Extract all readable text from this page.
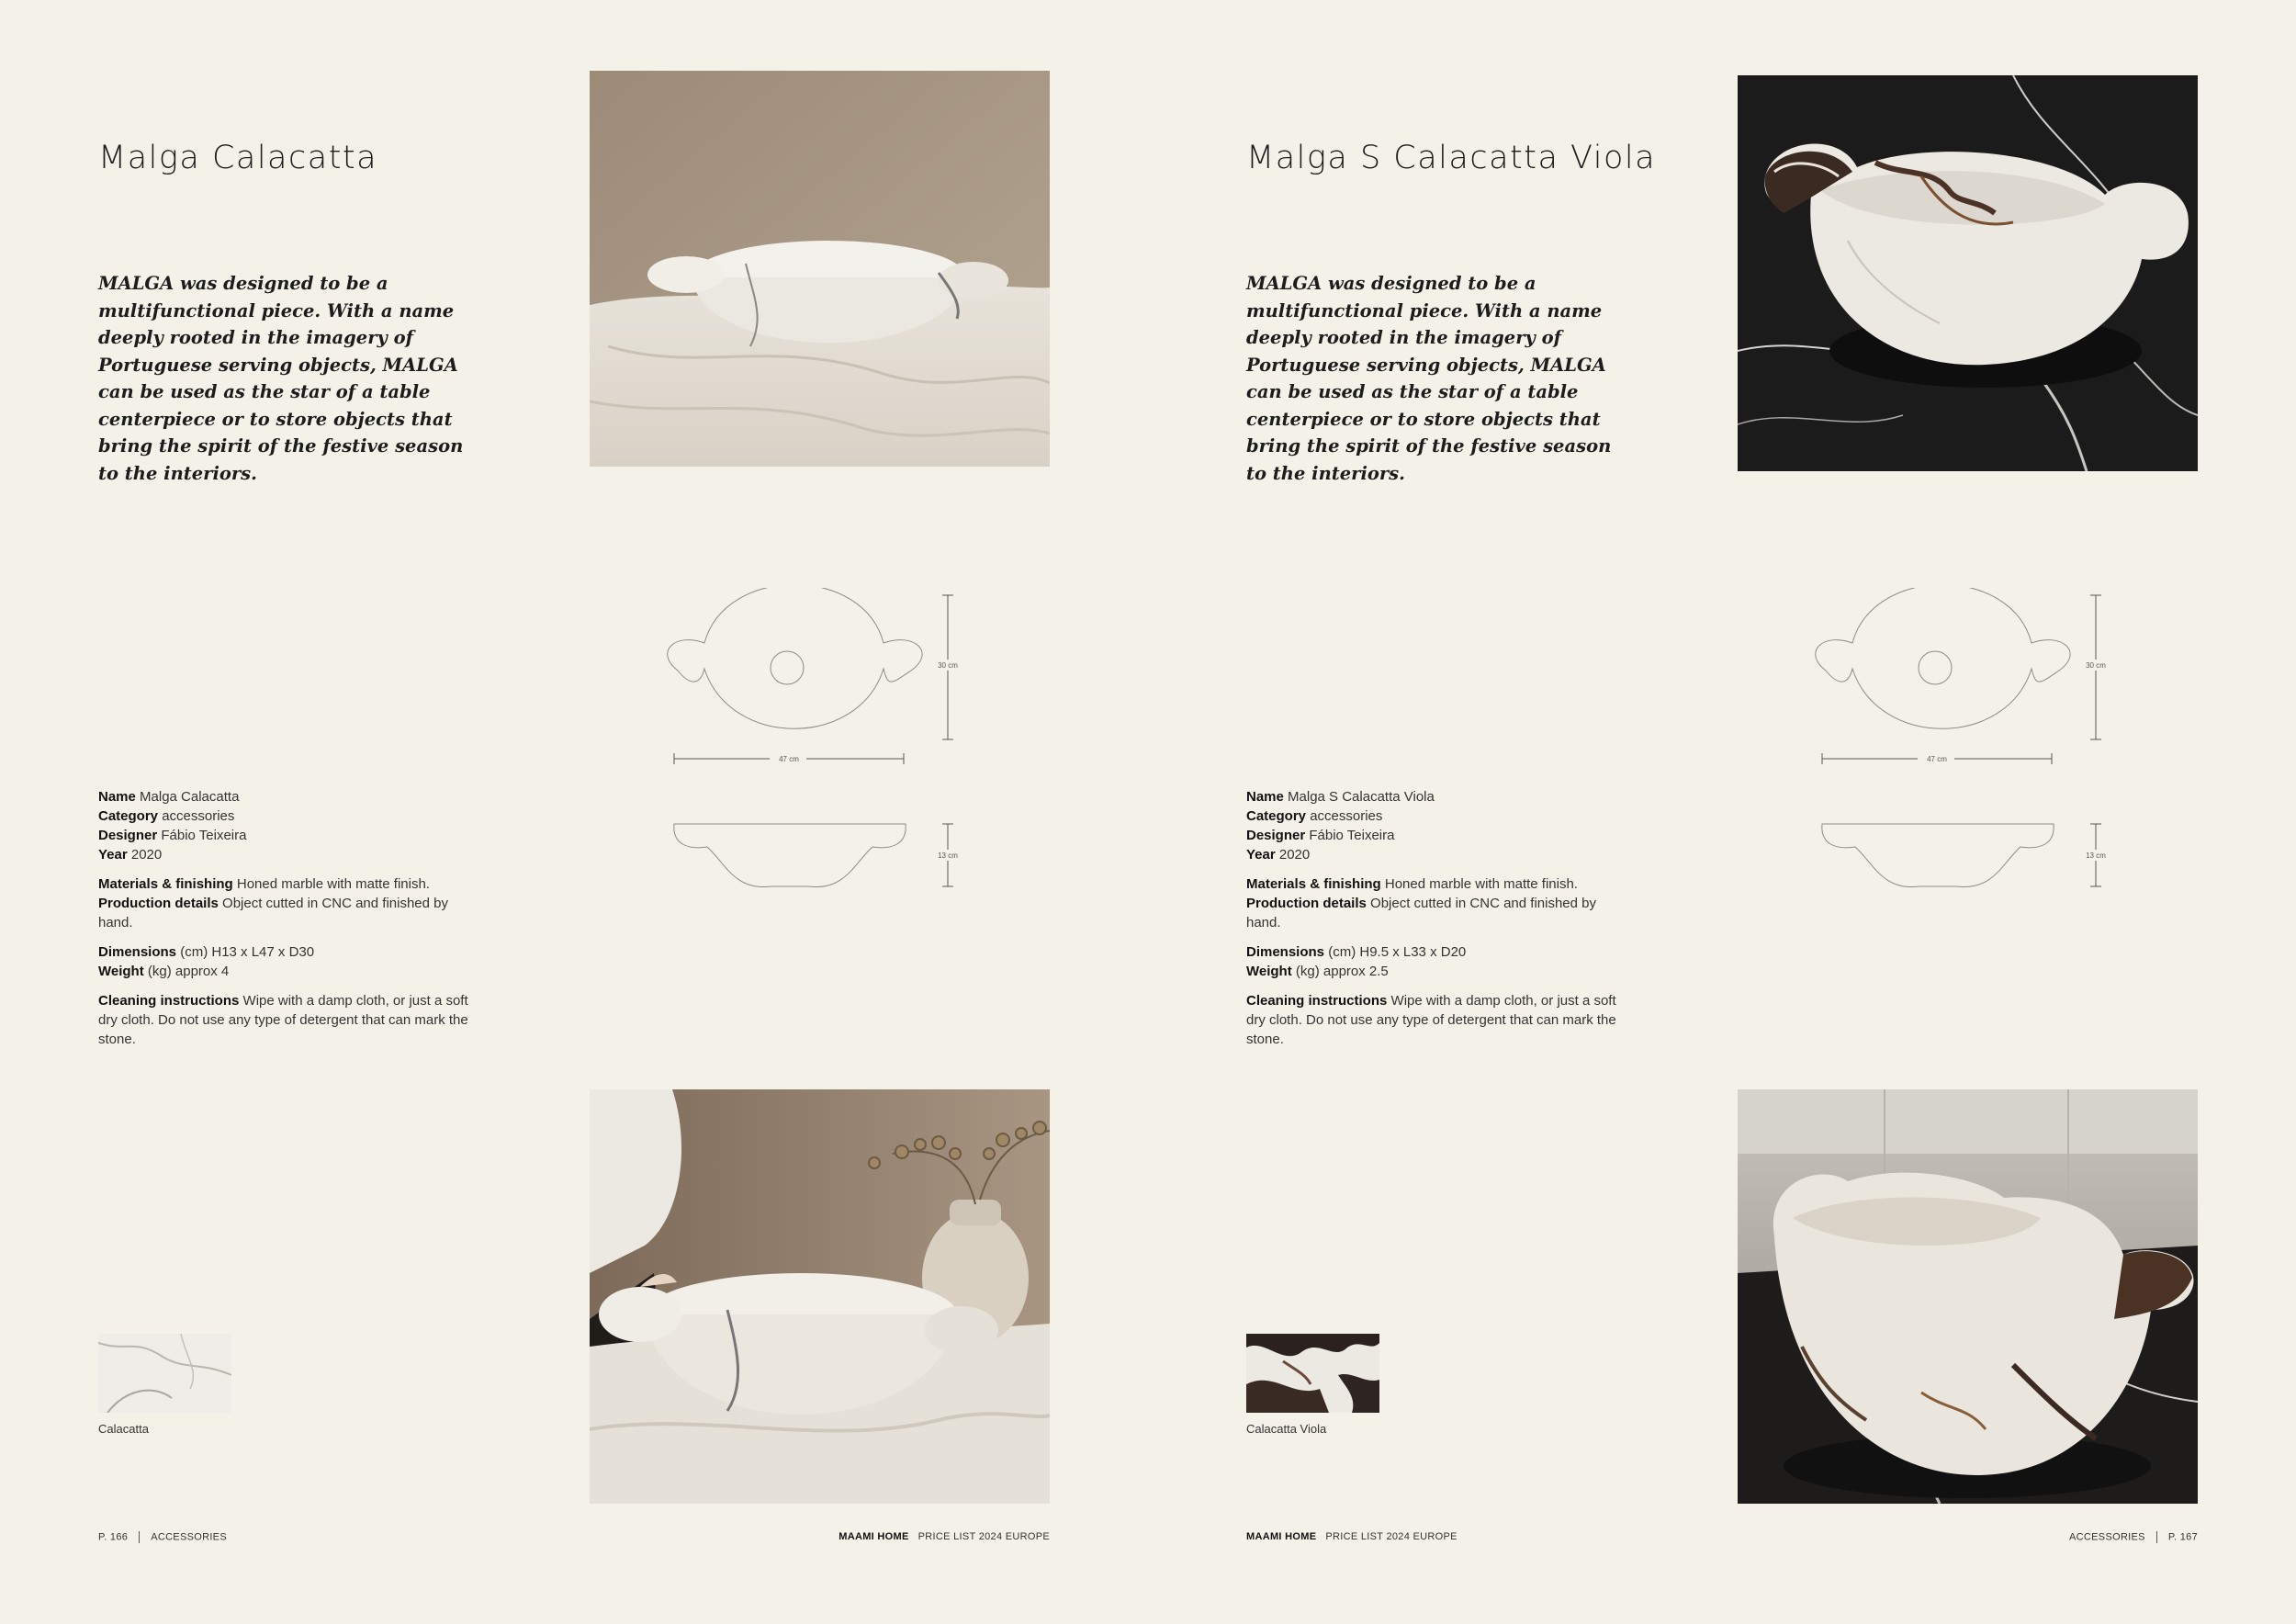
Malga Calacatta
MALGA was designed to be a multifunctional piece. With a name deeply rooted in the imagery of Portuguese serving objects, MALGA can be used as the star of a table centerpiece or to store objects that bring the spirit of the festive season to the interiors.
30 cm
47 cm
13 cm

Name Malga Calacatta
Category accessories
Designer Fábio Teixeira
Year 2020

Materials & finishing Honed marble with matte finish.
Production details Object cutted in CNC and finished by hand.

Dimensions (cm) H13 x L47 x D30
Weight (kg) approx 4

Cleaning instructions Wipe with a damp cloth, or just a soft dry cloth. Do not use any type of detergent that can mark the stone.

Calacatta
P. 166 ACCESSORIES	MAAMI HOME PRICE LIST 2024 EUROPE
Malga S Calacatta Viola
MALGA was designed to be a multifunctional piece. With a name deeply rooted in the imagery of Portuguese serving objects, MALGA can be used as the star of a table centerpiece or to store objects that bring the spirit of the festive season to the interiors.
30 cm
47 cm
13 cm

Name Malga S Calacatta Viola
Category accessories
Designer Fábio Teixeira
Year 2020

Materials & finishing Honed marble with matte finish.
Production details Object cutted in CNC and finished by hand.

Dimensions (cm) H9.5 x L33 x D20
Weight (kg) approx 2.5

Cleaning instructions Wipe with a damp cloth, or just a soft dry cloth. Do not use any type of detergent that can mark the stone.

Calacatta Viola
MAAMI HOME PRICE LIST 2024 EUROPE	ACCESSORIES P. 167
